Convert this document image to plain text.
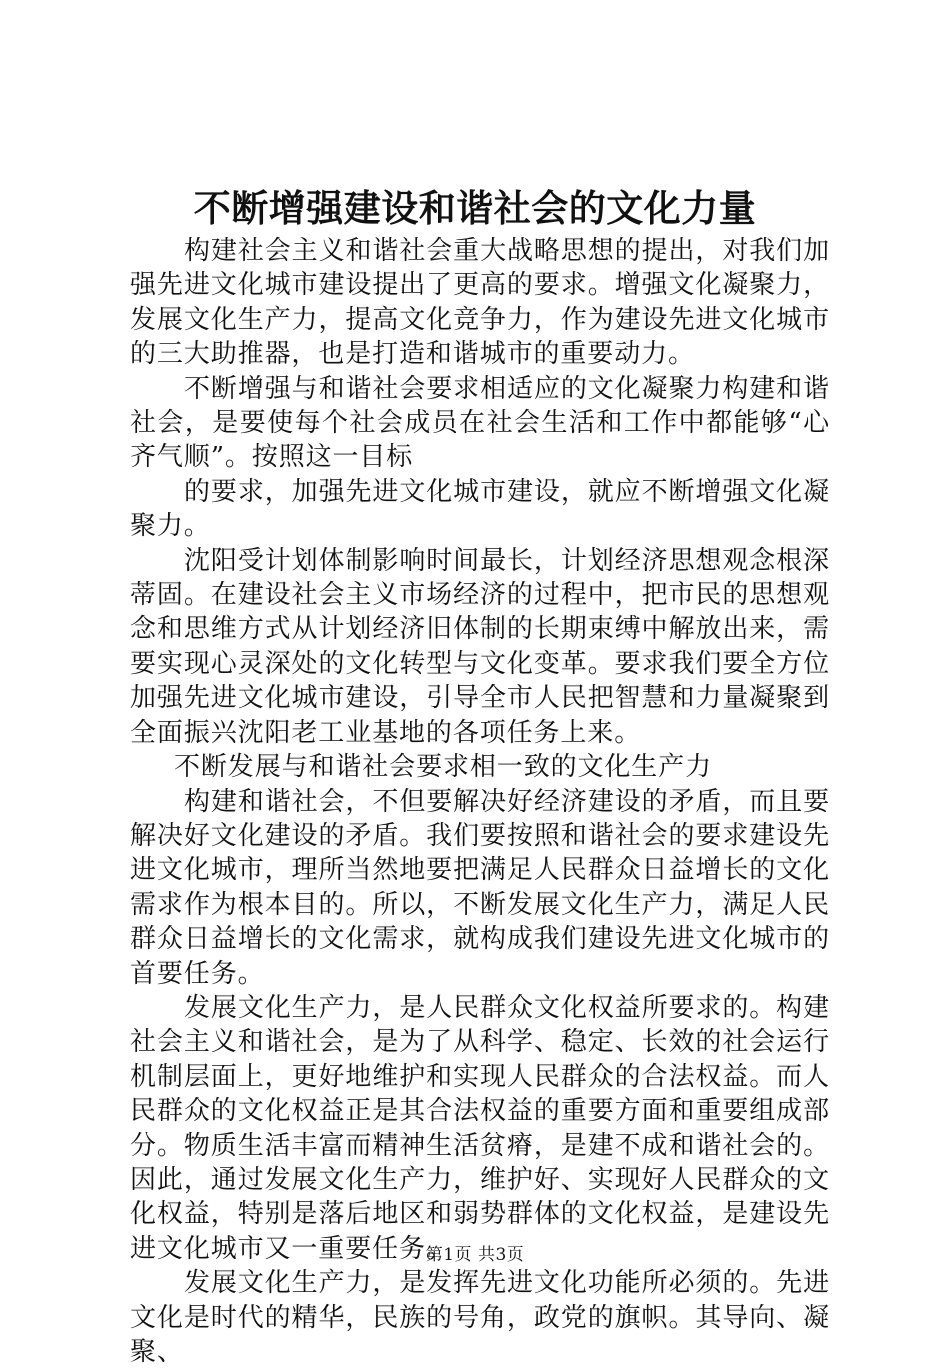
不断增强建设和谐社会的文化力量

构建社会主义和谐社会重大战略思想的提出，对我们加强先进文化城市建设提出了更高的要求。增强文化凝聚力，发展文化生产力，提高文化竞争力，作为建设先进文化城市的三大助推器，也是打造和谐城市的重要动力。

不断增强与和谐社会要求相适应的文化凝聚力构建和谐社会，是要使每个社会成员在社会生活和工作中都能够“心齐气顺”。按照这一目标

的要求，加强先进文化城市建设，就应不断增强文化凝聚力。

沈阳受计划体制影响时间最长，计划经济思想观念根深蒂固。在建设社会主义市场经济的过程中，把市民的思想观念和思维方式从计划经济旧体制的长期束缚中解放出来，需要实现心灵深处的文化转型与文化变革。要求我们要全方位加强先进文化城市建设，引导全市人民把智慧和力量凝聚到全面振兴沈阳老工业基地的各项任务上来。

不断发展与和谐社会要求相一致的文化生产力

构建和谐社会，不但要解决好经济建设的矛盾，而且要解决好文化建设的矛盾。我们要按照和谐社会的要求建设先进文化城市，理所当然地要把满足人民群众日益增长的文化需求作为根本目的。所以，不断发展文化生产力，满足人民群众日益增长的文化需求，就构成我们建设先进文化城市的首要任务。

发展文化生产力，是人民群众文化权益所要求的。构建社会主义和谐社会，是为了从科学、稳定、长效的社会运行机制层面上，更好地维护和实现人民群众的合法权益。而人民群众的文化权益正是其合法权益的重要方面和重要组成部分。物质生活丰富而精神生活贫瘠，是建不成和谐社会的。因此，通过发展文化生产力，维护好、实现好人民群众的文化权益，特别是落后地区和弱势群体的文化权益，是建设先进文化城市又一重要任务。

发展文化生产力，是发挥先进文化功能所必须的。先进文化是时代的精华，民族的号角，政党的旗帜。其导向、凝聚、

第1页 共3页
